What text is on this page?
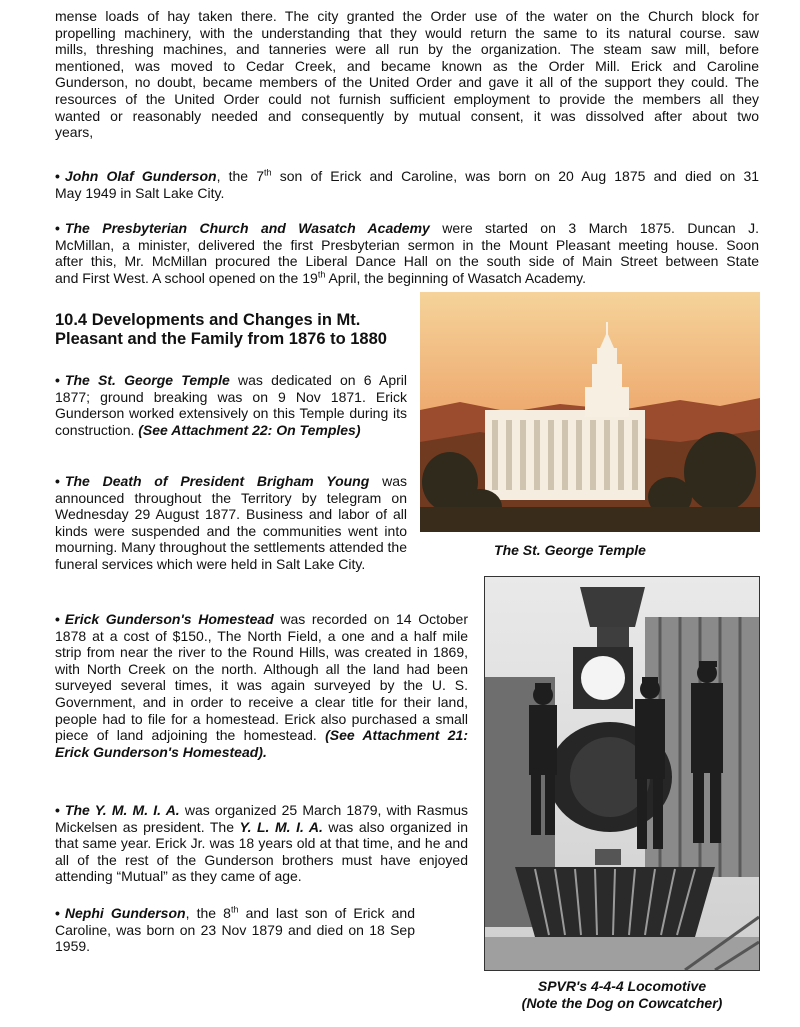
mense loads of hay taken there. The city granted the Order use of the water on the Church block for

propelling machinery, with the understanding that they would return the same to its natural course. saw

mills, threshing machines, and tanneries were all run by the organization. The steam saw mill, before

mentioned, was moved to Cedar Creek, and became known as the Order Mill. Erick and Caroline

Gunderson, no doubt, became members of the United Order and gave it all of the support they could. The

resources of the United Order could not furnish sufficient employment to provide the members all they

wanted or reasonably needed and consequently by mutual consent, it was dissolved after about two

years,

• John Olaf Gunderson, the 7th son of Erick and Caroline, was born on 20 Aug 1875 and died on 31

May 1949 in Salt Lake City.

• The Presbyterian Church and Wasatch Academy were started on 3 March 1875. Duncan J.

McMillan, a minister, delivered the first Presbyterian sermon in the Mount Pleasant meeting house. Soon

after this, Mr. McMillan procured the Liberal Dance Hall on the south side of Main Street between State

and First West. A school opened on the 19th April, the beginning of Wasatch Academy.

10.4 Developments and Changes in Mt.
Pleasant and the Family from 1876 to 1880

• The St. George Temple was dedicated on 6 April 1877; ground breaking was on 9 Nov 1871. Erick Gunderson worked extensively on this Temple during its construction. (See Attachment 22: On Temples)

• The Death of President Brigham Young was announced throughout the Territory by telegram on Wednesday 29 August 1877. Business and labor of all kinds were suspended and the communities went into mourning. Many throughout the settlements attended the funeral services which were held in Salt Lake City.

• Erick Gunderson's Homestead was recorded on 14 October 1878 at a cost of $150., The North Field, a one and a half mile strip from near the river to the Round Hills, was created in 1869, with North Creek on the north. Although all the land had been surveyed several times, it was again surveyed by the U. S. Government, and in order to receive a clear title for their land, people had to file for a homestead. Erick also purchased a small piece of land adjoining the homestead. (See Attachment 21: Erick Gunderson's Homestead).

• The Y. M. M. I. A. was organized 25 March 1879, with Rasmus Mickelsen as president. The Y. L. M. I. A. was also organized in that same year. Erick Jr. was 18 years old at that time, and he and all of the rest of the Gunderson brothers must have enjoyed attending “Mutual” as they came of age.

• Nephi Gunderson, the 8th and last son of Erick and Caroline, was born on 23 Nov 1879 and died on 18 Sep 1959.

The St. George Temple
SPVR's 4-4-4 Locomotive
(Note the Dog on Cowcatcher)
